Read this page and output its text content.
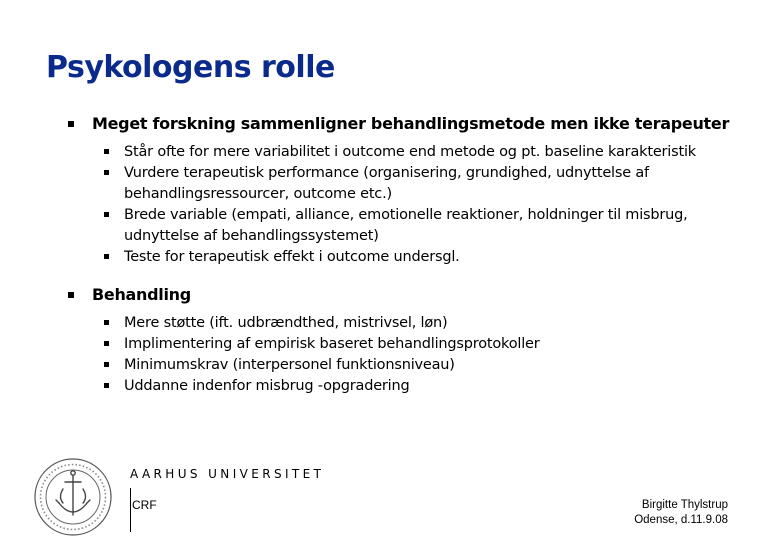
Psykologens rolle
Meget forskning sammenligner behandlingsmetode men ikke terapeuter
Står ofte for mere variabilitet i outcome end metode og pt. baseline karakteristik
Vurdere terapeutisk performance (organisering, grundighed, udnyttelse af behandlingsressourcer, outcome etc.)
Brede variable (empati, alliance, emotionelle reaktioner, holdninger til misbrug, udnyttelse af behandlingssystemet)
Teste for terapeutisk effekt i outcome undersgl.
Behandling
Mere støtte (ift. udbrændthed, mistrivsel, løn)
Implimentering af empirisk baseret behandlingsprotokoller
Minimumskrav (interpersonel funktionsniveau)
Uddanne indenfor misbrug -opgradering
AARHUS UNIVERSITET
CRF	Birgitte Thylstrup
Odense, d.11.9.08
